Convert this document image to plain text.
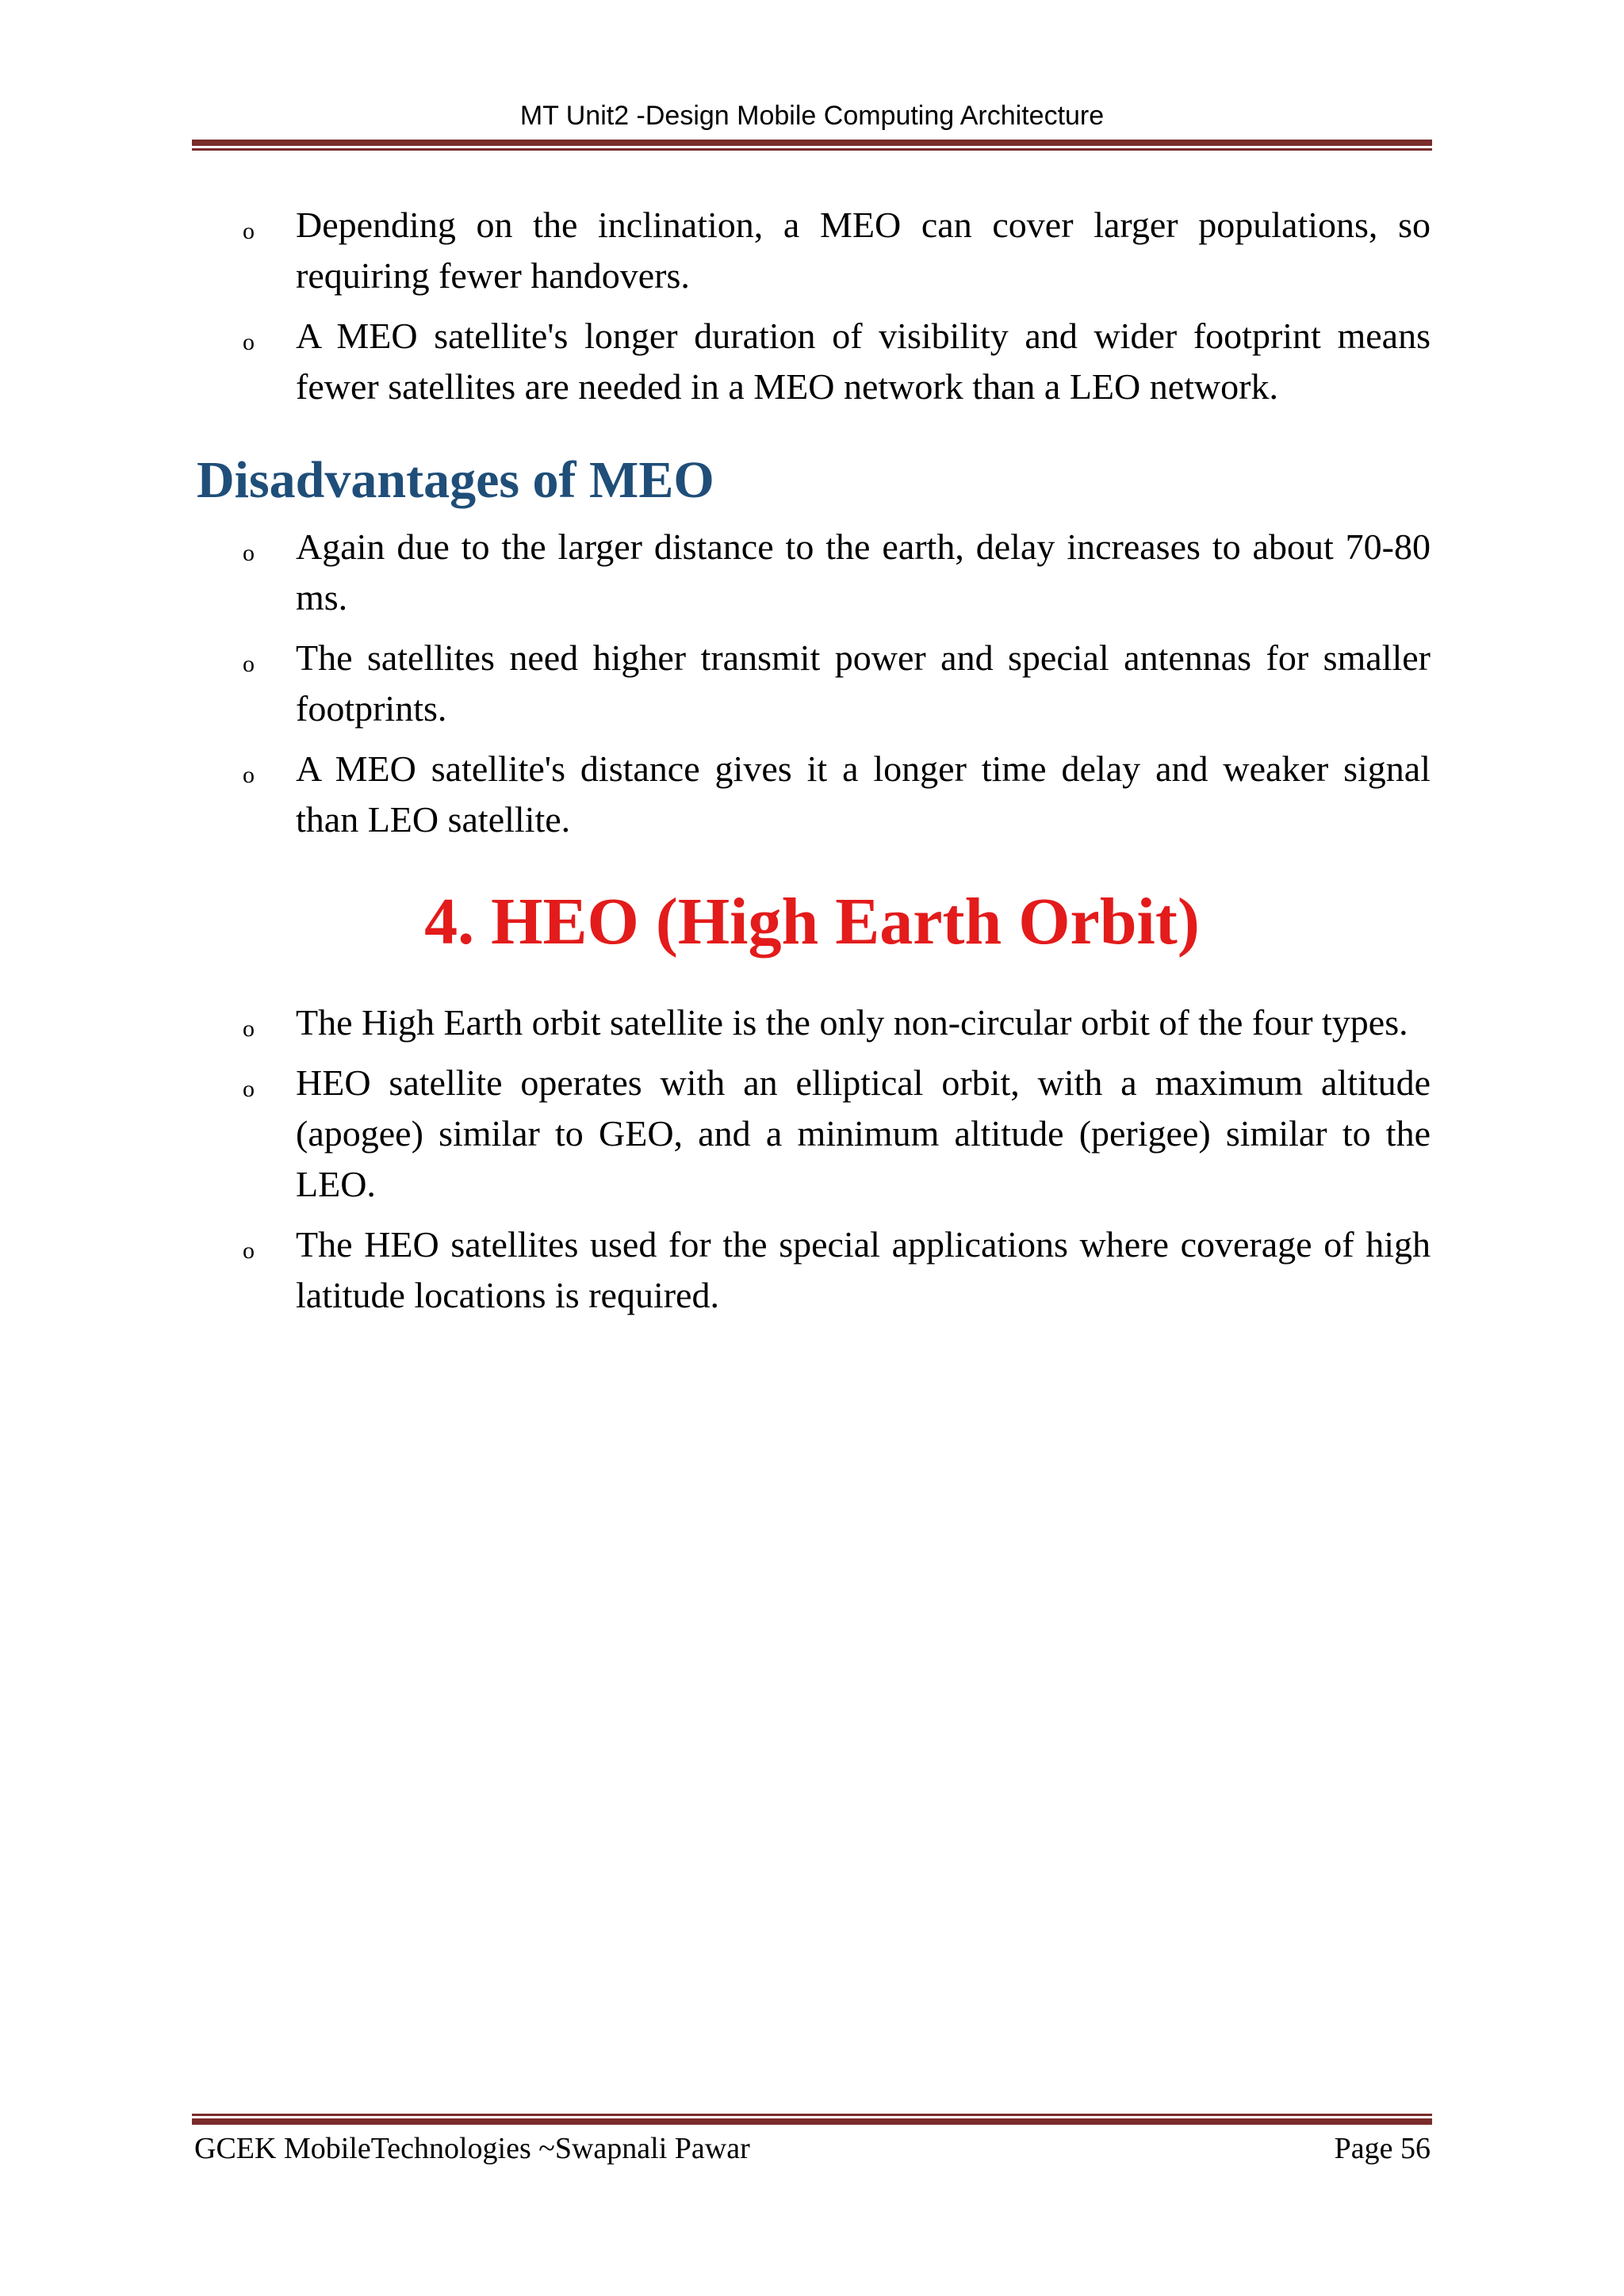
MT Unit2 -Design Mobile Computing Architecture
o Depending on the inclination, a MEO can cover larger populations, so requiring fewer handovers.
o A MEO satellite's longer duration of visibility and wider footprint means fewer satellites are needed in a MEO network than a LEO network.
Disadvantages of MEO
o Again due to the larger distance to the earth, delay increases to about 70-80 ms.
o The satellites need higher transmit power and special antennas for smaller footprints.
o A MEO satellite's distance gives it a longer time delay and weaker signal than LEO satellite.
4. HEO (High Earth Orbit)
o The High Earth orbit satellite is the only non-circular orbit of the four types.
o HEO satellite operates with an elliptical orbit, with a maximum altitude (apogee) similar to GEO, and a minimum altitude (perigee) similar to the LEO.
o The HEO satellites used for the special applications where coverage of high latitude locations is required.
GCEK MobileTechnologies ~Swapnali Pawar	Page 56
